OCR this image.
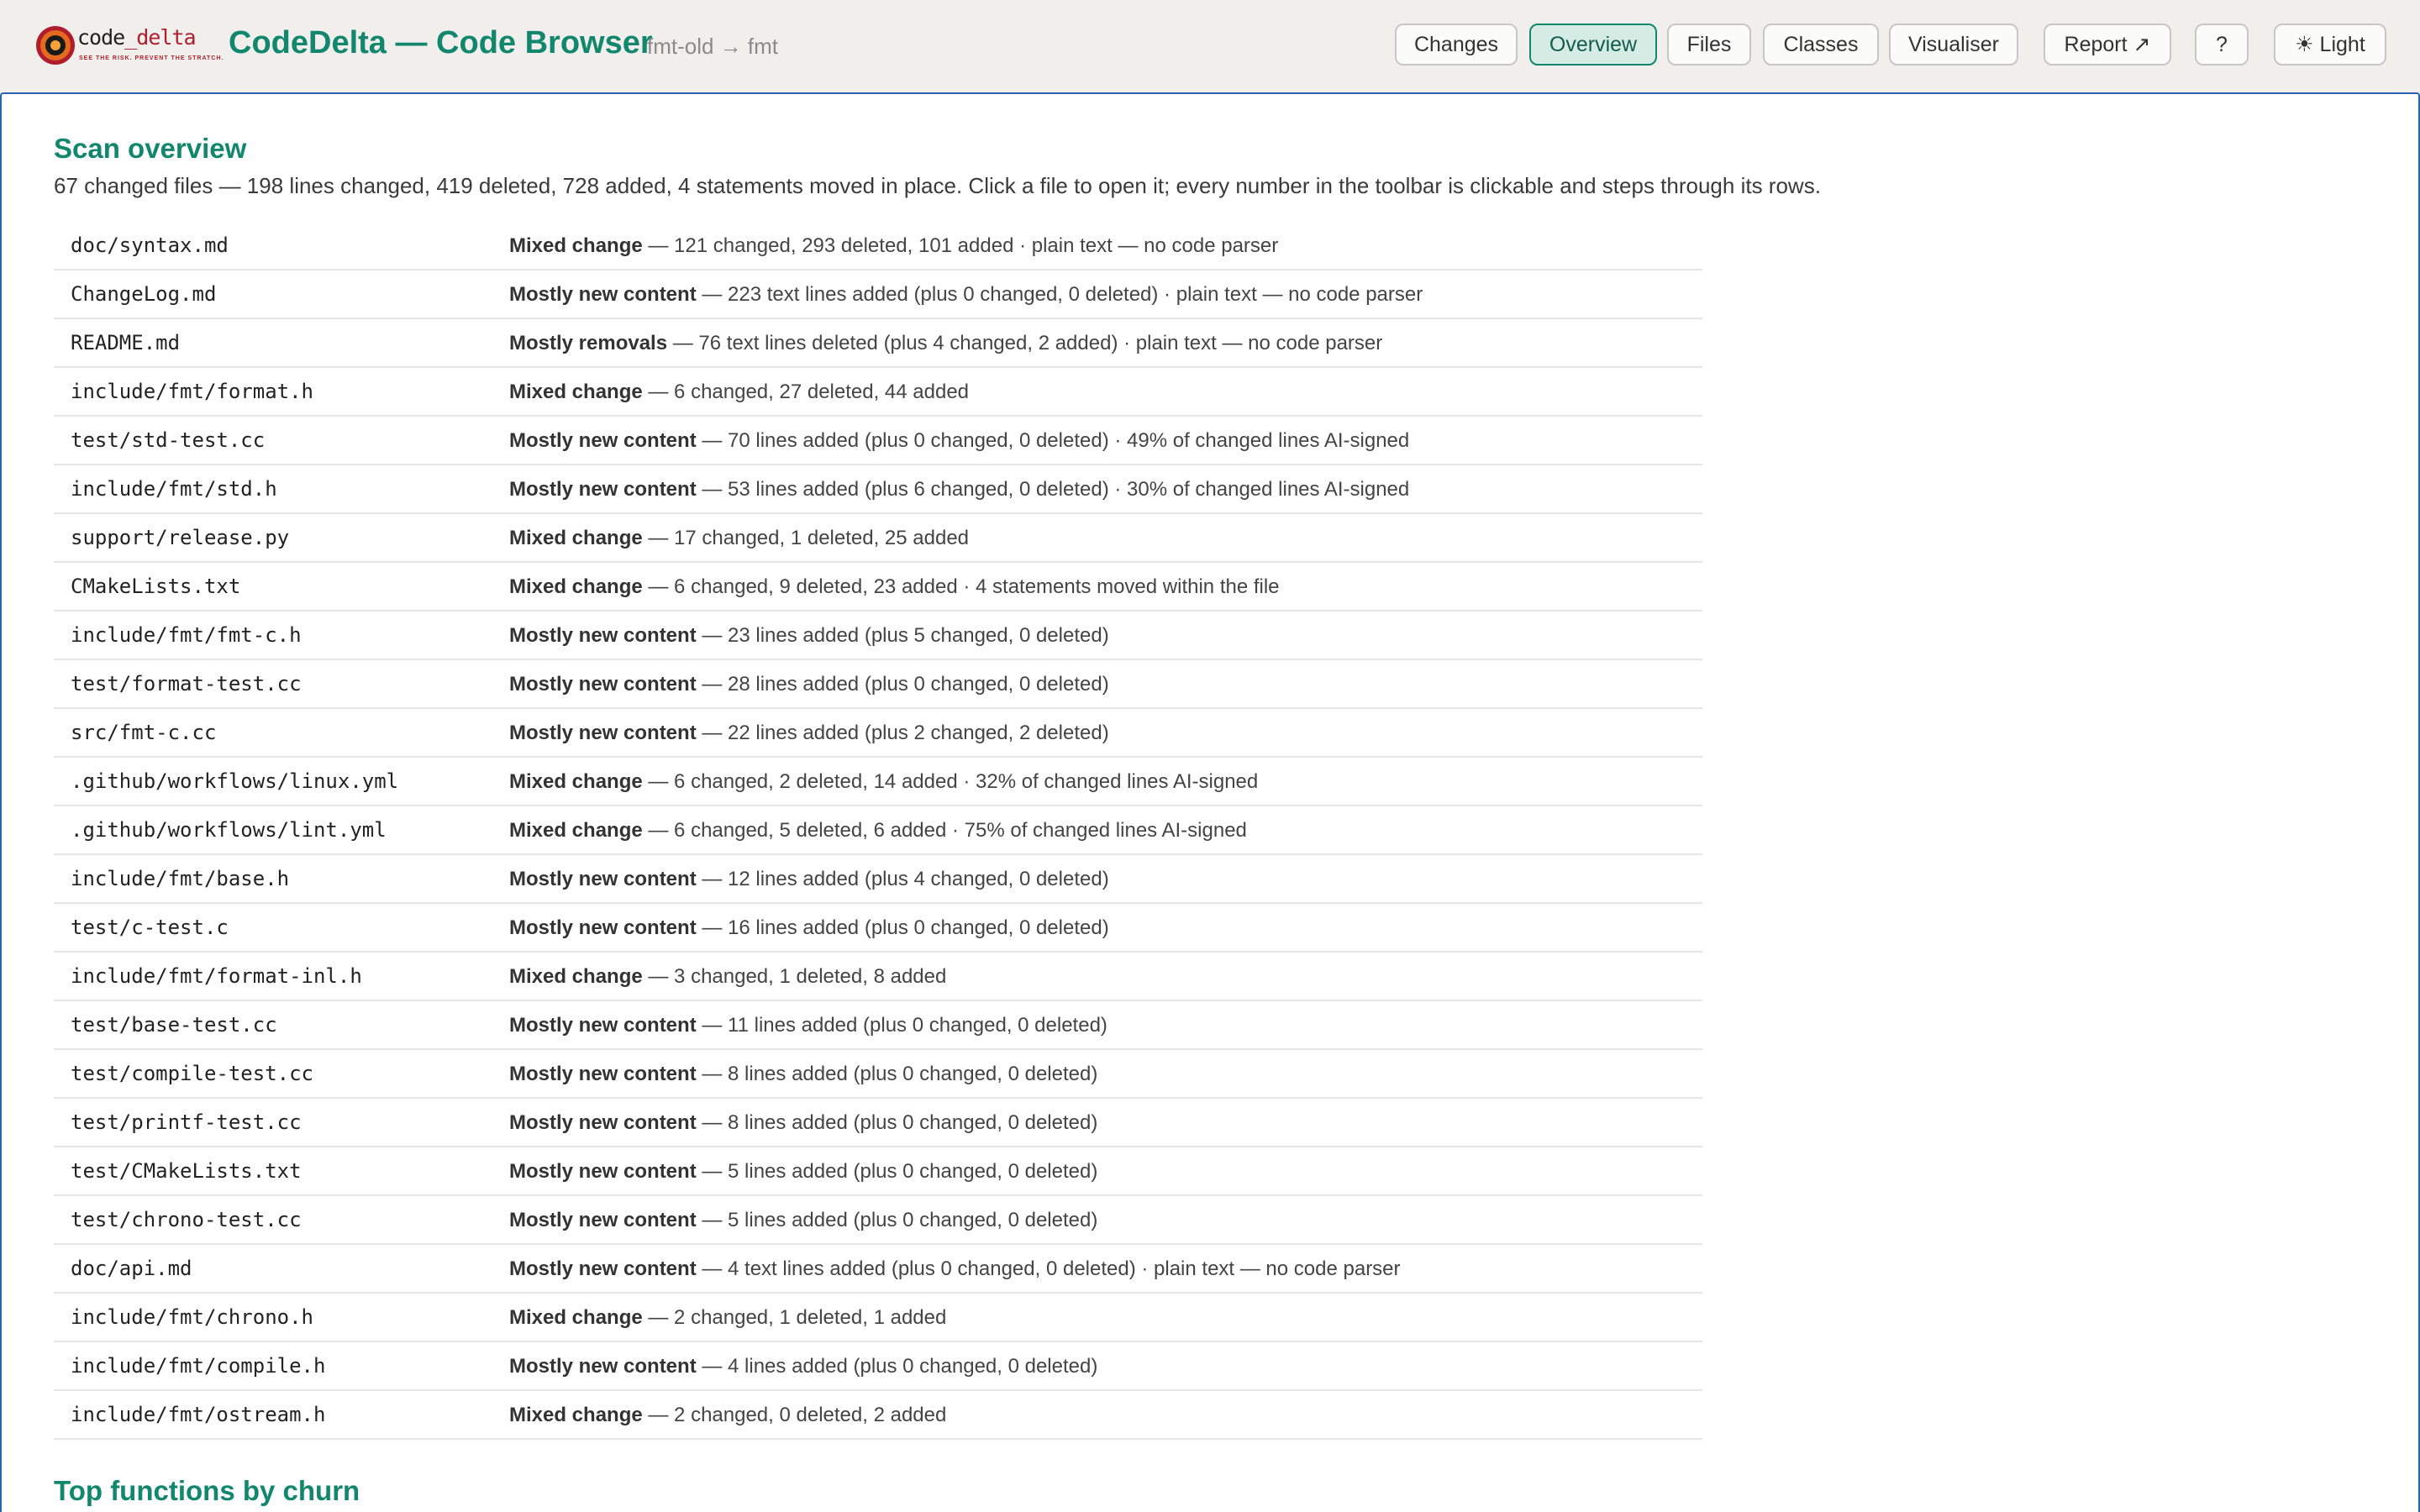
code_delta
SEE THE RISK. PREVENT THE STRATCH. CodeDelta — Code Browser
fmt-old → fmt	Changes	Overview	Files	Classes	Visualiser	Report ↗	?	☀ Light
Scan overview
67 changed files — 198 lines changed, 419 deleted, 728 added, 4 statements moved in place. Click a file to open it; every number in the toolbar is clickable and steps through its rows.
doc/syntax.md	Mixed change — 121 changed, 293 deleted, 101 added · plain text — no code parser
ChangeLog.md	Mostly new content — 223 text lines added (plus 0 changed, 0 deleted) · plain text — no code parser
README.md	Mostly removals — 76 text lines deleted (plus 4 changed, 2 added) · plain text — no code parser
include/fmt/format.h	Mixed change — 6 changed, 27 deleted, 44 added
test/std-test.cc	Mostly new content — 70 lines added (plus 0 changed, 0 deleted) · 49% of changed lines AI-signed
include/fmt/std.h	Mostly new content — 53 lines added (plus 6 changed, 0 deleted) · 30% of changed lines AI-signed
support/release.py	Mixed change — 17 changed, 1 deleted, 25 added
CMakeLists.txt	Mixed change — 6 changed, 9 deleted, 23 added · 4 statements moved within the file
include/fmt/fmt-c.h	Mostly new content — 23 lines added (plus 5 changed, 0 deleted)
test/format-test.cc	Mostly new content — 28 lines added (plus 0 changed, 0 deleted)
src/fmt-c.cc	Mostly new content — 22 lines added (plus 2 changed, 2 deleted)
.github/workflows/linux.yml	Mixed change — 6 changed, 2 deleted, 14 added · 32% of changed lines AI-signed
.github/workflows/lint.yml	Mixed change — 6 changed, 5 deleted, 6 added · 75% of changed lines AI-signed
include/fmt/base.h	Mostly new content — 12 lines added (plus 4 changed, 0 deleted)
test/c-test.c	Mostly new content — 16 lines added (plus 0 changed, 0 deleted)
include/fmt/format-inl.h	Mixed change — 3 changed, 1 deleted, 8 added
test/base-test.cc	Mostly new content — 11 lines added (plus 0 changed, 0 deleted)
test/compile-test.cc	Mostly new content — 8 lines added (plus 0 changed, 0 deleted)
test/printf-test.cc	Mostly new content — 8 lines added (plus 0 changed, 0 deleted)
test/CMakeLists.txt	Mostly new content — 5 lines added (plus 0 changed, 0 deleted)
test/chrono-test.cc	Mostly new content — 5 lines added (plus 0 changed, 0 deleted)
doc/api.md	Mostly new content — 4 text lines added (plus 0 changed, 0 deleted) · plain text — no code parser
include/fmt/chrono.h	Mixed change — 2 changed, 1 deleted, 1 added
include/fmt/compile.h	Mostly new content — 4 lines added (plus 0 changed, 0 deleted)
include/fmt/ostream.h	Mixed change — 2 changed, 0 deleted, 2 added
Top functions by churn
